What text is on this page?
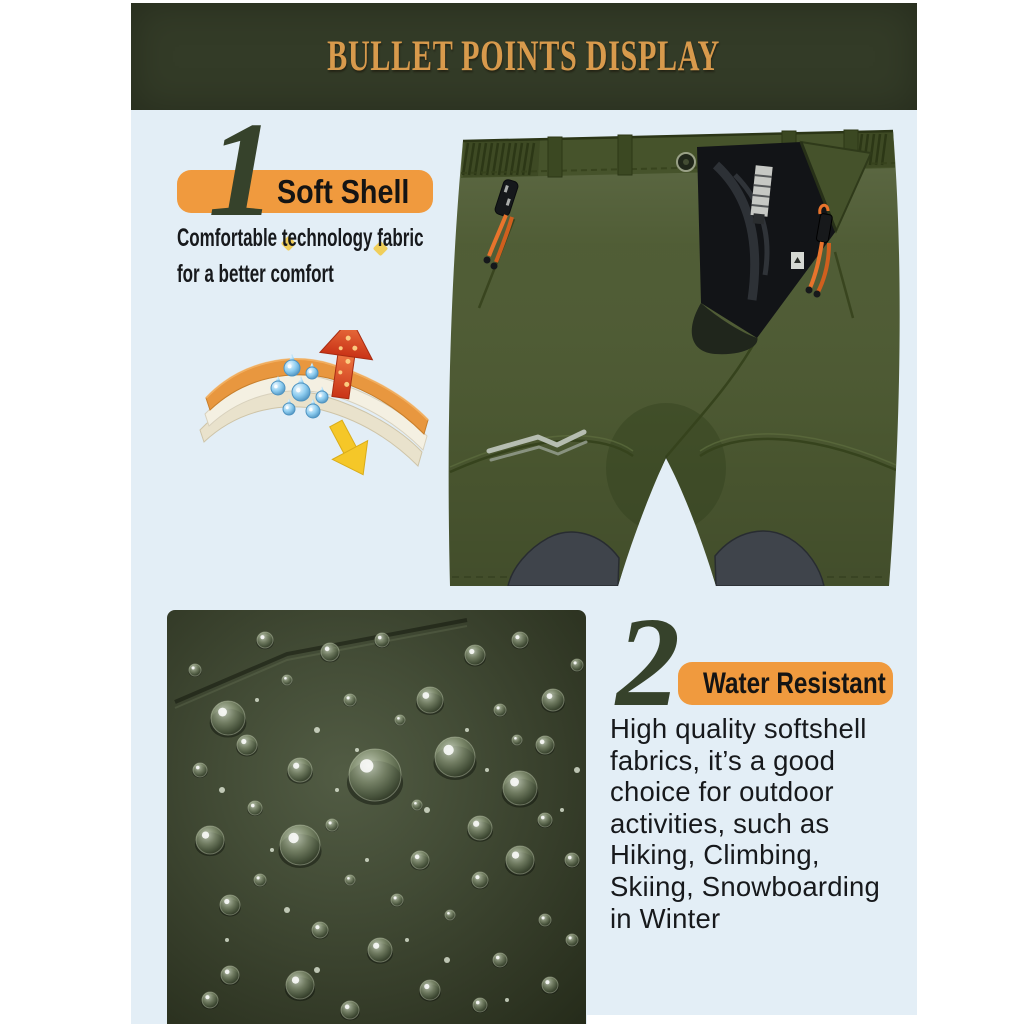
BULLET POINTS DISPLAY
1 Soft Shell
Comfortable technology fabric
for a better comfort
2 Water Resistant
High quality softshell
fabrics, it’s a good
choice for outdoor
activities, such as
Hiking, Climbing,
Skiing, Snowboarding
in Winter
